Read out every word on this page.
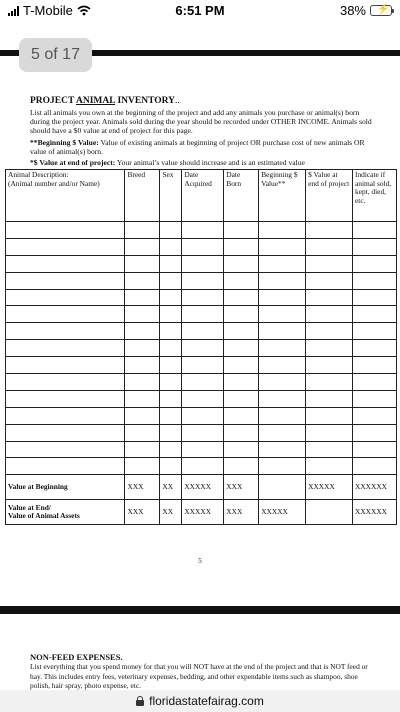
T-Mobile	6:51 PM	38% ⚡
5 of 17
PROJECT ANIMAL INVENTORY..
List all animals you own at the beginning of the project and add any animals you purchase or animal(s) born during the project year. Animals sold during the year should be recorded under OTHER INCOME. Animals sold should have a $0 value at end of project for this page.
**Beginning $ Value: Value of existing animals at beginning of project OR purchase cost of new animals OR value of animal(s) born.
*$ Value at end of project: Your animal’s value should increase and is an estimated value
Animal Description:
(Animal number and/or Name)	Breed	Sex	Date Acquired	Date Born	Beginning $ Value**	$ Value at end of project	Indicate if animal sold, kept, died, etc.

Value at Beginning	XXX	XX	XXXXX	XXX		XXXXX	XXXXXX
Value at End/
Value of Animal Assets	XXX	XX	XXXXX	XXX	XXXXX		XXXXXX
5
NON-FEED EXPENSES.
List everything that you spend money for that you will NOT have at the end of the project and that is NOT feed or hay. This includes entry fees, veterinary expenses, bedding, and other expendable items such as shampoo, shoe polish, hair spray, photo expense, etc.
floridastatefairag.com
